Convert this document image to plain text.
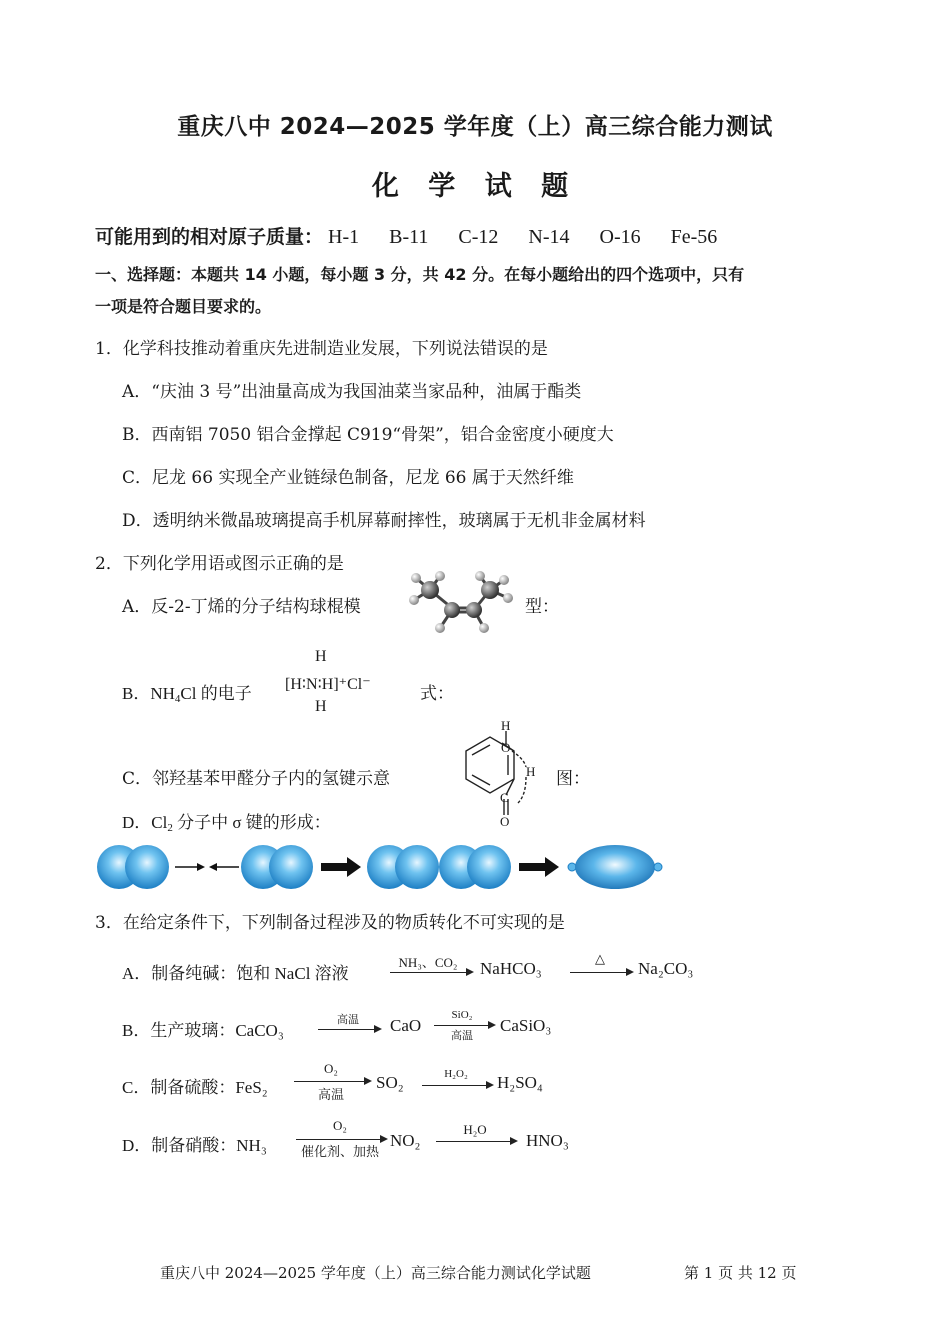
重庆八中 2024—2025 学年度（上）高三综合能力测试
化 学 试 题
可能用到的相对原子质量： H-1 B-11 C-12 N-14 O-16 Fe-56
一、选择题：本题共 14 小题，每小题 3 分，共 42 分。在每小题给出的四个选项中，只有
一项是符合题目要求的。
1．化学科技推动着重庆先进制造业发展，下列说法错误的是
A．“庆油 3 号”出油量高成为我国油菜当家品种，油属于酯类
B．西南铝 7050 铝合金撑起 C919“骨架”，铝合金密度小硬度大
C．尼龙 66 实现全产业链绿色制备，尼龙 66 属于天然纤维
D．透明纳米微晶玻璃提高手机屏幕耐摔性，玻璃属于无机非金属材料
2．下列化学用语或图示正确的是
A．反-2-丁烯的分子结构球棍模	型：
B．$NH_4Cl$ 的电子
H
[H∶N∶H]⁺Cl⁻
H
式：
C．邻羟基苯甲醛分子内的氢键示意
H
O
H
C
O
图：
D．$Cl_2$ 分子中 σ 键的形成：
3．在给定条件下，下列制备过程涉及的物质转化不可实现的是
A．制备纯碱：饱和 NaCl 溶液
NH₃、CO₂	NaHCO₃	△	Na₂CO₃
B．生产玻璃：CaCO₃
高温	CaO
SiO₂
高温
CaSiO₃
C．制备硫酸：FeS₂
O₂
高温
SO₂	H₂O₂	H₂SO₄
D．制备硝酸：NH₃
O₂
催化剂、加热
NO₂
H₂O
HNO₃
重庆八中 2024—2025 学年度（上）高三综合能力测试化学试题	第 1 页 共 12 页
